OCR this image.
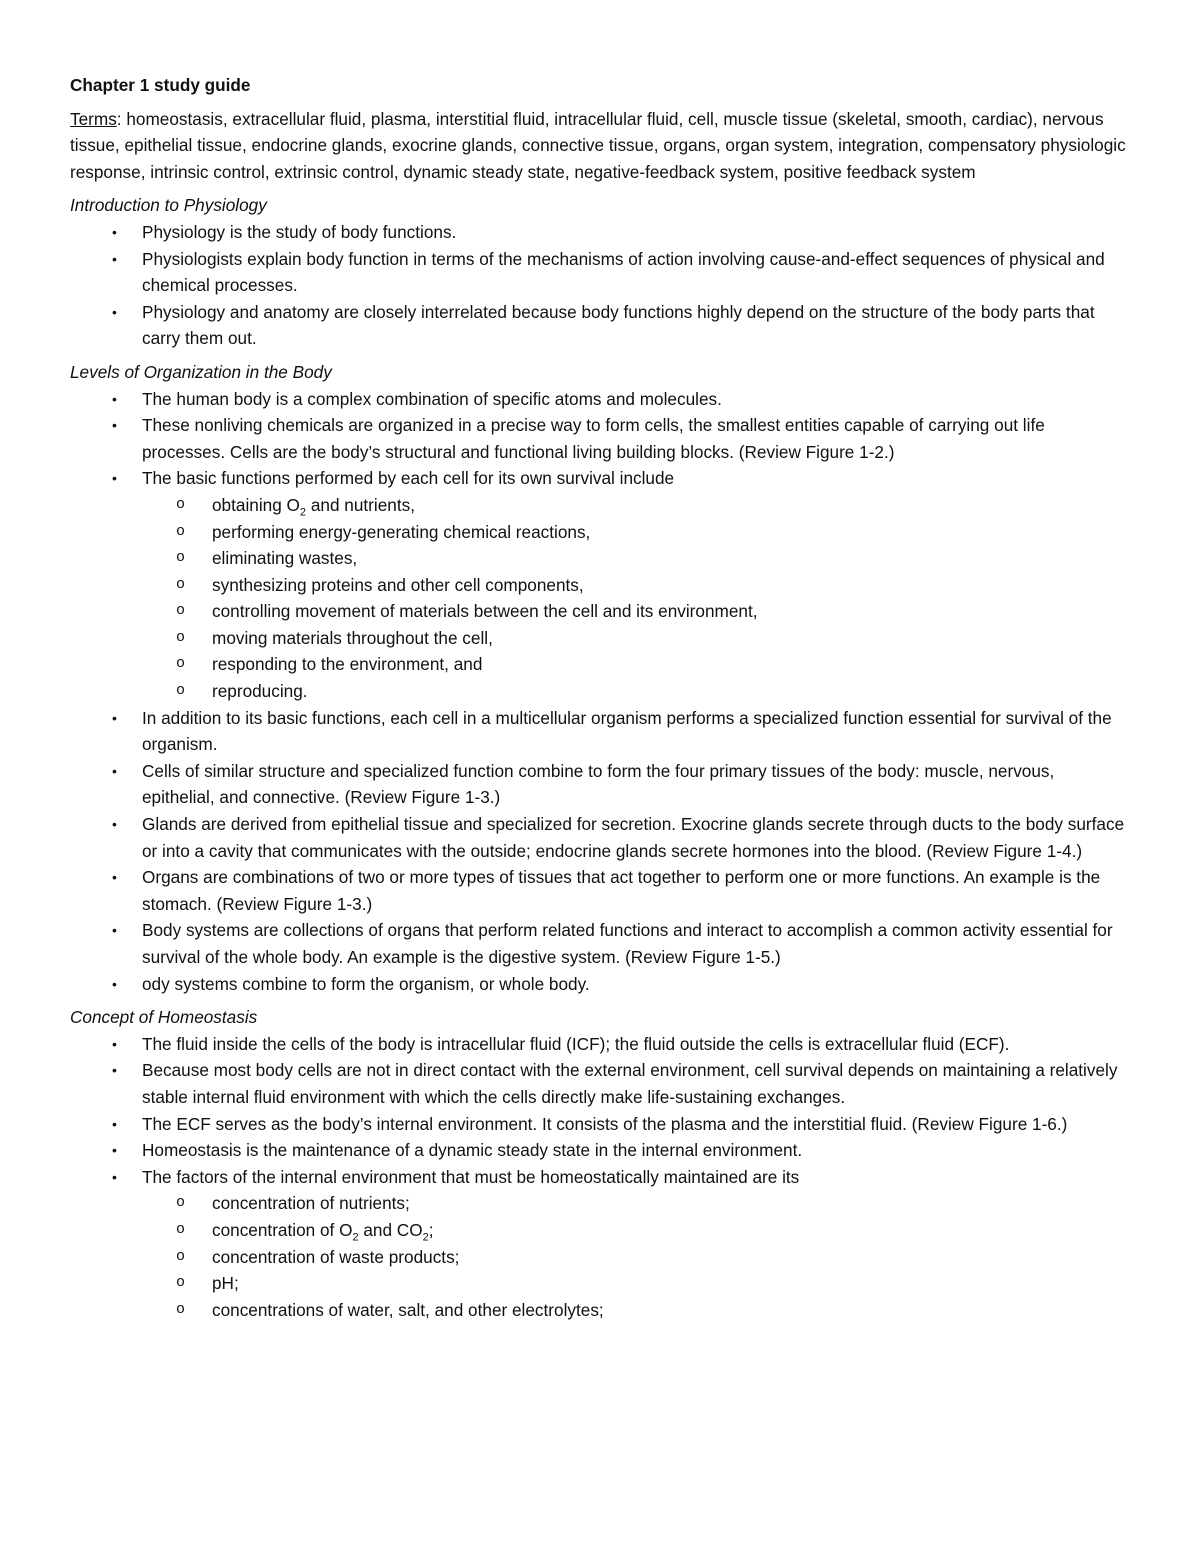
Chapter 1 study guide
Terms: homeostasis, extracellular fluid, plasma, interstitial fluid, intracellular fluid, cell, muscle tissue (skeletal, smooth, cardiac), nervous tissue, epithelial tissue, endocrine glands, exocrine glands, connective tissue, organs, organ system, integration, compensatory physiologic response, intrinsic control, extrinsic control, dynamic steady state, negative-feedback system, positive feedback system
Introduction to Physiology
• Physiology is the study of body functions.
• Physiologists explain body function in terms of the mechanisms of action involving cause-and-effect sequences of physical and chemical processes.
• Physiology and anatomy are closely interrelated because body functions highly depend on the structure of the body parts that carry them out.
Levels of Organization in the Body
• The human body is a complex combination of specific atoms and molecules.
• These nonliving chemicals are organized in a precise way to form cells, the smallest entities capable of carrying out life processes. Cells are the body’s structural and functional living building blocks. (Review Figure 1-2.)
• The basic functions performed by each cell for its own survival include
o obtaining $O_2$ and nutrients,
o performing energy-generating chemical reactions,
o eliminating wastes,
o synthesizing proteins and other cell components,
o controlling movement of materials between the cell and its environment,
o moving materials throughout the cell,
o responding to the environment, and
o reproducing.
• In addition to its basic functions, each cell in a multicellular organism performs a specialized function essential for survival of the organism.
• Cells of similar structure and specialized function combine to form the four primary tissues of the body: muscle, nervous, epithelial, and connective. (Review Figure 1-3.)
• Glands are derived from epithelial tissue and specialized for secretion. Exocrine glands secrete through ducts to the body surface or into a cavity that communicates with the outside; endocrine glands secrete hormones into the blood. (Review Figure 1-4.)
• Organs are combinations of two or more types of tissues that act together to perform one or more functions. An example is the stomach. (Review Figure 1-3.)
• Body systems are collections of organs that perform related functions and interact to accomplish a common activity essential for survival of the whole body. An example is the digestive system. (Review Figure 1-5.)
• ody systems combine to form the organism, or whole body.
Concept of Homeostasis
• The fluid inside the cells of the body is intracellular fluid (ICF); the fluid outside the cells is extracellular fluid (ECF).
• Because most body cells are not in direct contact with the external environment, cell survival depends on maintaining a relatively stable internal fluid environment with which the cells directly make life-sustaining exchanges.
• The ECF serves as the body’s internal environment. It consists of the plasma and the interstitial fluid. (Review Figure 1-6.)
• Homeostasis is the maintenance of a dynamic steady state in the internal environment.
• The factors of the internal environment that must be homeostatically maintained are its
o concentration of nutrients;
o concentration of $O_2$ and $CO_2$;
o concentration of waste products;
o pH;
o concentrations of water, salt, and other electrolytes;
